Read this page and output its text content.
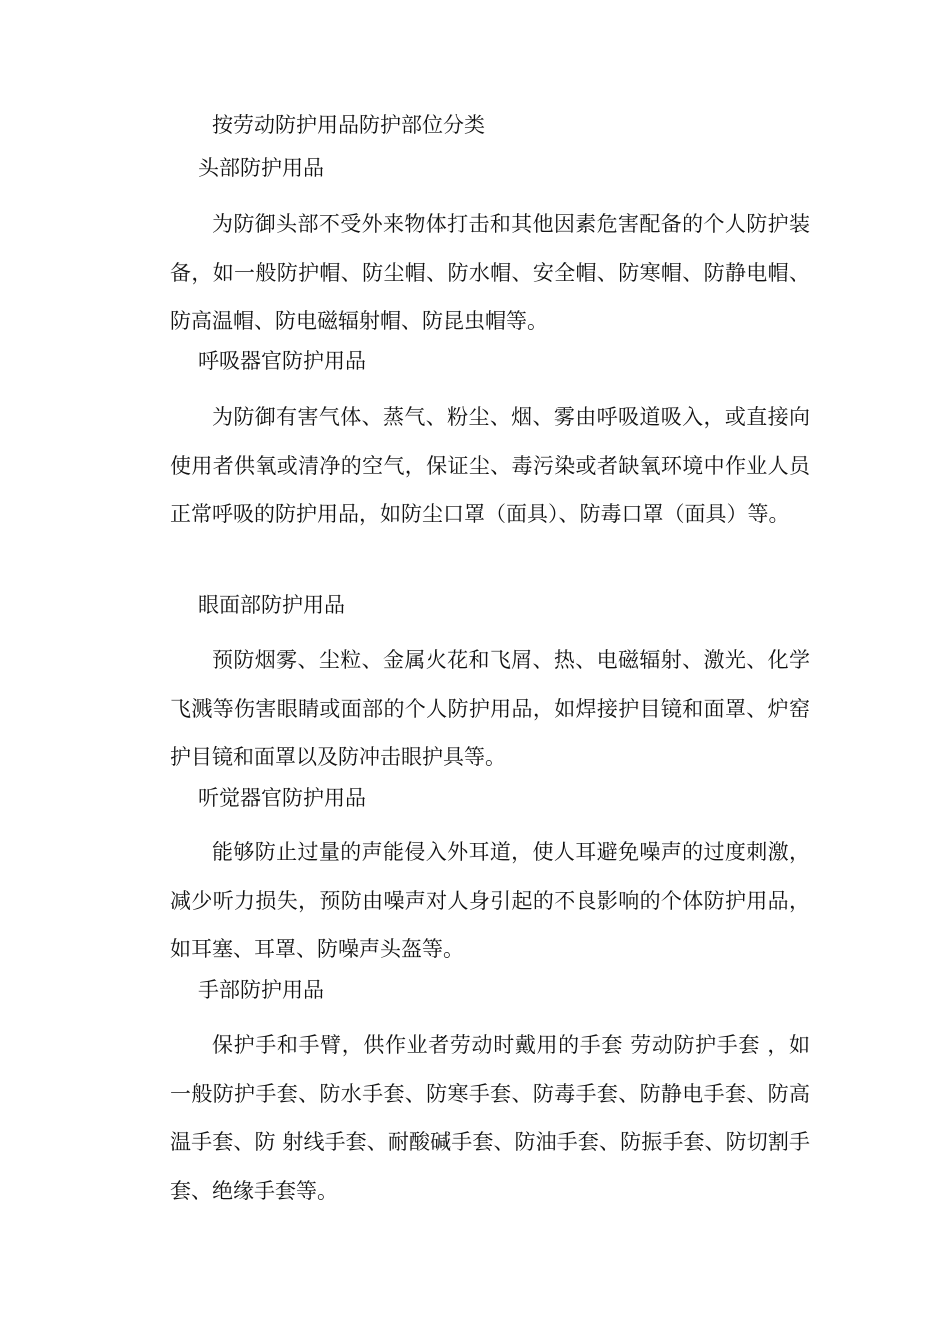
按劳动防护用品防护部位分类
头部防护用品
为防御头部不受外来物体打击和其他因素危害配备的个人防护装备，如一般防护帽、防尘帽、防水帽、安全帽、防寒帽、防静电帽、防高温帽、防电磁辐射帽、防昆虫帽等。
呼吸器官防护用品
为防御有害气体、蒸气、粉尘、烟、雾由呼吸道吸入，或直接向使用者供氧或清净的空气，保证尘、毒污染或者缺氧环境中作业人员正常呼吸的防护用品，如防尘口罩（面具）、防毒口罩（面具）等。
眼面部防护用品
预防烟雾、尘粒、金属火花和飞屑、热、电磁辐射、激光、化学飞溅等伤害眼睛或面部的个人防护用品，如焊接护目镜和面罩、炉窑护目镜和面罩以及防冲击眼护具等。
听觉器官防护用品
能够防止过量的声能侵入外耳道，使人耳避免噪声的过度刺激，减少听力损失，预防由噪声对人身引起的不良影响的个体防护用品，如耳塞、耳罩、防噪声头盔等。
手部防护用品
保护手和手臂，供作业者劳动时戴用的手套 劳动防护手套 ，如一般防护手套、防水手套、防寒手套、防毒手套、防静电手套、防高温手套、防 射线手套、耐酸碱手套、防油手套、防振手套、防切割手套、绝缘手套等。
